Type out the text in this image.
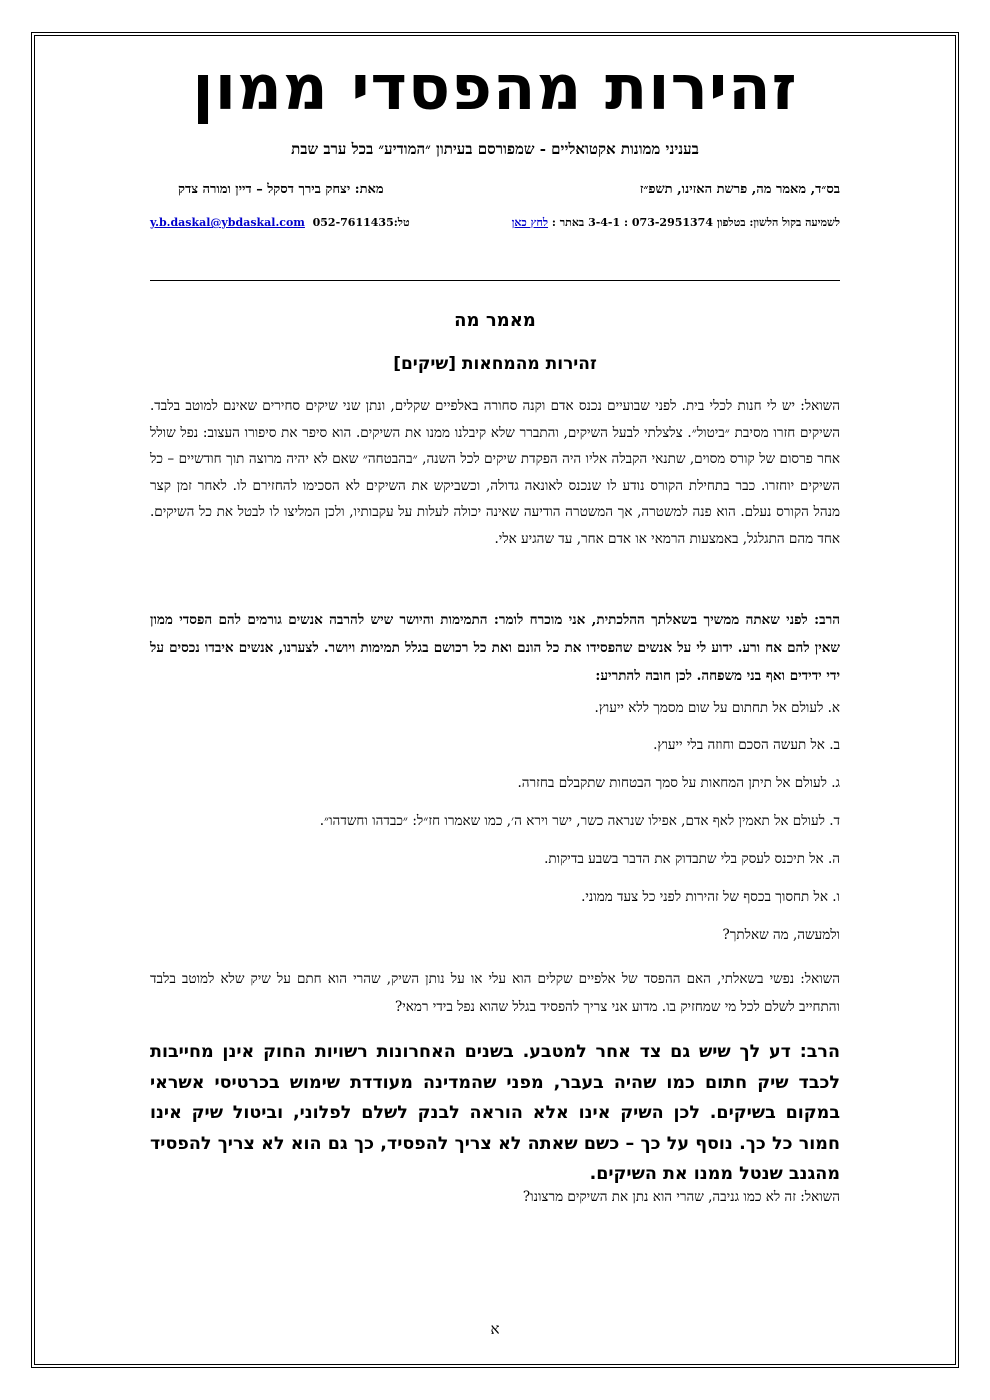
זהירות מהפסדי ממון
בעניני ממונות אקטואליים - שמפורסם בעיתון ״המודיע״ בכל ערב שבת
בס״ד, מאמר מה, פרשת האזינו, תשפ״ז
מאת: יצחק בירך דסקל – דיין ומורה צדק
לשמיעה בקול הלשון: בטלפון 073-2951374 : 3-4-1 באתר : לחץ כאן
y.b.daskal@ybdaskal.com טל:052-7611435
מאמר מה
זהירות מהמחאות [שיקים]
השואל: יש לי חנות לכלי בית. לפני שבועיים נכנס אדם וקנה סחורה באלפיים שקלים, ונתן שני שיקים סחירים שאינם למוטב בלבד. השיקים חזרו מסיבת ״ביטול״. צלצלתי לבעל השיקים, והתברר שלא קיבלנו ממנו את השיקים. הוא סיפר את סיפורו העצוב: נפל שולל אחר פרסום של קורס מסוים, שתנאי הקבלה אליו היה הפקדת שיקים לכל השנה, ״בהבטחה״ שאם לא יהיה מרוצה תוך חודשיים – כל השיקים יוחזרו. כבר בתחילת הקורס נודע לו שנכנס לאונאה גדולה, וכשביקש את השיקים לא הסכימו להחזירם לו. לאחר זמן קצר מנהל הקורס נעלם. הוא פנה למשטרה, אך המשטרה הודיעה שאינה יכולה לעלות על עקבותיו, ולכן המליצו לו לבטל את כל השיקים. אחד מהם התגלגל, באמצעות הרמאי או אדם אחר, עד שהגיע אלי.
הרב: לפני שאתה ממשיך בשאלתך ההלכתית, אני מוכרח לומר: התמימות והיושר שיש להרבה אנשים גורמים להם הפסדי ממון שאין להם אח ורע. ידוע לי על אנשים שהפסידו את כל הונם ואת כל רכושם בגלל תמימות ויושר. לצערנו, אנשים איבדו נכסים על ידי ידידים ואף בני משפחה. לכן חובה להתריע:
א. לעולם אל תחתום על שום מסמך ללא ייעוץ.
ב. אל תעשה הסכם וחוזה בלי ייעוץ.
ג. לעולם אל תיתן המחאות על סמך הבטחות שתקבלם בחזרה.
ד. לעולם אל תאמין לאף אדם, אפילו שנראה כשר, ישר וירא ה׳, כמו שאמרו חז״ל: ״כבדהו וחשדהו״.
ה. אל תיכנס לעסק בלי שתבדוק את הדבר בשבע בדיקות.
ו. אל תחסוך בכסף של זהירות לפני כל צעד ממוני.
ולמעשה, מה שאלתך?
השואל: נפשי בשאלתי, האם ההפסד של אלפיים שקלים הוא עלי או על נותן השיק, שהרי הוא חתם על שיק שלא למוטב בלבד והתחייב לשלם לכל מי שמחזיק בו. מדוע אני צריך להפסיד בגלל שהוא נפל בידי רמאי?
הרב: דע לך שיש גם צד אחר למטבע. בשנים האחרונות רשויות החוק אינן מחייבות לכבד שיק חתום כמו שהיה בעבר, מפני שהמדינה מעודדת שימוש בכרטיסי אשראי במקום בשיקים. לכן השיק אינו אלא הוראה לבנק לשלם לפלוני, וביטול שיק אינו חמור כל כך. נוסף על כך – כשם שאתה לא צריך להפסיד, כך גם הוא לא צריך להפסיד מהגנב שנטל ממנו את השיקים.
השואל: זה לא כמו גניבה, שהרי הוא נתן את השיקים מרצונו?
א
